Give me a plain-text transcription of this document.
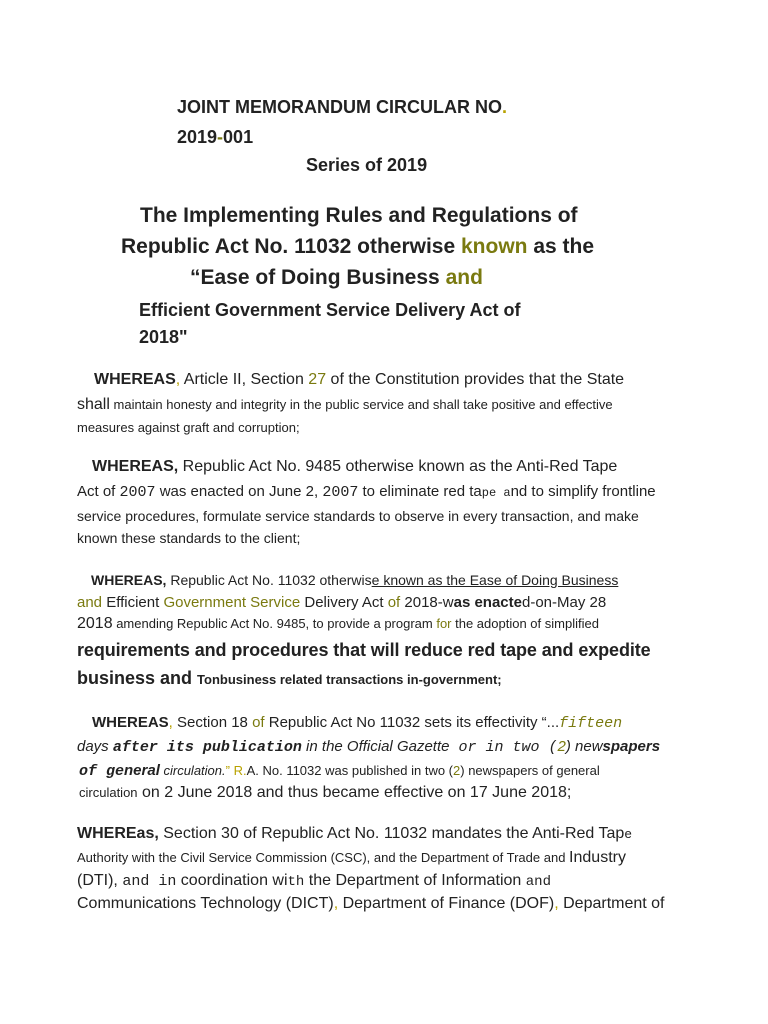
JOINT MEMORANDUM CIRCULAR NO.
2019-001
Series of 2019
The Implementing Rules and Regulations of
Republic Act No. 11032 otherwise known as the
“Ease of Doing Business and
Efficient Government Service Delivery Act of
2018"
WHEREAS, Article II, Section 27 of the Constitution provides that the State
shall maintain honesty and integrity in the public service and shall take positive and effective
measures against graft and corruption;
WHEREAS, Republic Act No. 9485 otherwise known as the Anti-Red Tape
Act of 2007 was enacted on June 2, 2007 to eliminate red tape and to simplify frontline
service procedures, formulate service standards to observe in every transaction, and make
known these standards to the client;
WHEREAS, Republic Act No. 11032 otherwise known as the Ease of Doing Business
and Efficient Government Service Delivery Act of 2018-was enacted-on-May 28
2018 amending Republic Act No. 9485, to provide a program for the adoption of simplified
requirements and procedures that will reduce red tape and expedite
business and Tonbusiness related transactions in-government;
WHEREAS, Section 18 of Republic Act No 11032 sets its effectivity “...fifteen
days after its publication in the Official Gazette or in two (2) newspapers
of general circulation.” R.A. No. 11032 was published in two (2) newspapers of general
circulation on 2 June 2018 and thus became effective on 17 June 2018;
WHEREas, Section 30 of Republic Act No. 11032 mandates the Anti-Red Tape
Authority with the Civil Service Commission (CSC), and the Department of Trade and Industry
(DTI), and in coordination with the Department of Information and
Communications Technology (DICT), Department of Finance (DOF), Department of
